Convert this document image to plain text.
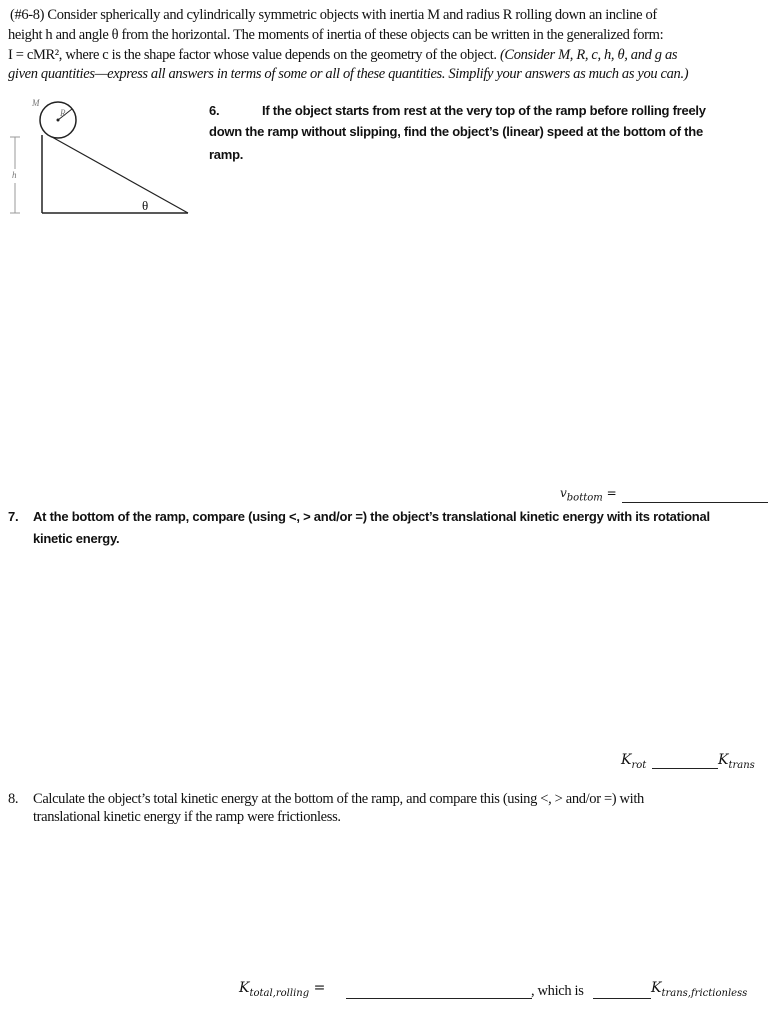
(#6-8) Consider spherically and cylindrically symmetric objects with inertia M and radius R rolling down an incline of
height h and angle θ from the horizontal. The moments of inertia of these objects can be written in the generalized form:
I = cMR², where c is the shape factor whose value depends on the geometry of the object. (Consider M, R, c, h, θ, and g as
given quantities—express all answers in terms of some or all of these quantities. Simplify your answers as much as you can.)
M
R
h
θ
6.	If the object starts from rest at the very top of the ramp before rolling freely
down the ramp without slipping, find the object’s (linear) speed at the bottom of the
ramp.
$v_{bottom}$ =
7. At the bottom of the ramp, compare (using <, > and/or =) the object’s translational kinetic energy with its rotational
kinetic energy.
$K_{rot}$	$K_{trans}$
8. Calculate the object’s total kinetic energy at the bottom of the ramp, and compare this (using <, > and/or =) with
translational kinetic energy if the ramp were frictionless.
$K_{total,rolling}$ =	, which is	$K_{trans,frictionless}$
